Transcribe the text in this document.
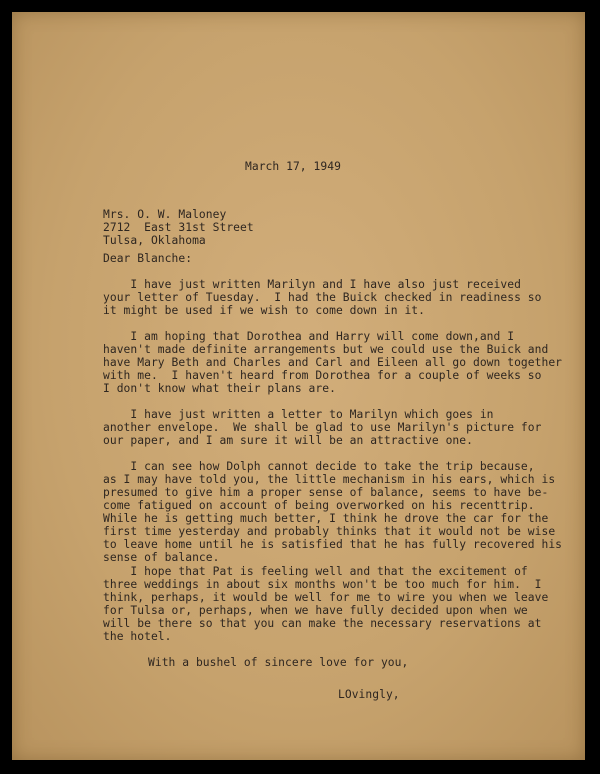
March 17, 1949
Mrs. O. W. Maloney
2712  East 31st Street
Tulsa, Oklahoma
Dear Blanche:
I have just written Marilyn and I have also just received
your letter of Tuesday.  I had the Buick checked in readiness so
it might be used if we wish to come down in it.
I am hoping that Dorothea and Harry will come down,and I
haven't made definite arrangements but we could use the Buick and
have Mary Beth and Charles and Carl and Eileen all go down together
with me.  I haven't heard from Dorothea for a couple of weeks so
I don't know what their plans are.
I have just written a letter to Marilyn which goes in
another envelope.  We shall be glad to use Marilyn's picture for
our paper, and I am sure it will be an attractive one.
I can see how Dolph cannot decide to take the trip because,
as I may have told you, the little mechanism in his ears, which is
presumed to give him a proper sense of balance, seems to have be-
come fatigued on account of being overworked on his recenttrip.
While he is getting much better, I think he drove the car for the
first time yesterday and probably thinks that it would not be wise
to leave home until he is satisfied that he has fully recovered his
sense of balance.
I hope that Pat is feeling well and that the excitement of
three weddings in about six months won't be too much for him.  I
think, perhaps, it would be well for me to wire you when we leave
for Tulsa or, perhaps, when we have fully decided upon when we
will be there so that you can make the necessary reservations at
the hotel.
With a bushel of sincere love for you,
LOvingly,
